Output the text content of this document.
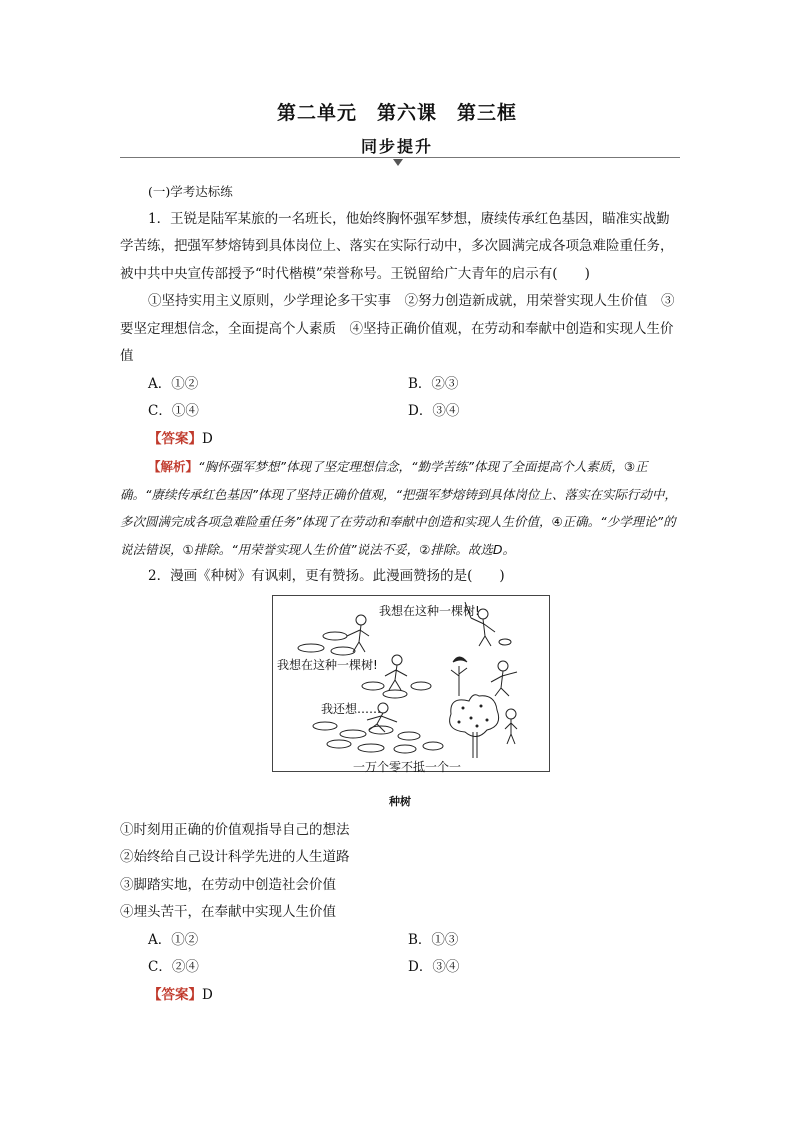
第二单元　第六课　第三框
同步提升

(一)学考达标练

1．王锐是陆军某旅的一名班长，他始终胸怀强军梦想，赓续传承红色基因，瞄准实战勤学苦练，把强军梦熔铸到具体岗位上、落实在实际行动中，多次圆满完成各项急难险重任务，被中共中央宣传部授予“时代楷模”荣誉称号。王锐留给广大青年的启示有(　　)

①坚持实用主义原则，少学理论多干实事　②努力创造新成就，用荣誉实现人生价值　③要坚定理想信念，全面提高个人素质　④坚持正确价值观，在劳动和奉献中创造和实现人生价值

A．①②	B．②③
C．①④	D．③④

【答案】D

【解析】“胸怀强军梦想”体现了坚定理想信念，“勤学苦练”体现了全面提高个人素质，③正确。“赓续传承红色基因”体现了坚持正确价值观，“把强军梦熔铸到具体岗位上、落实在实际行动中，多次圆满完成各项急难险重任务”体现了在劳动和奉献中创造和实现人生价值，④正确。“少学理论”的说法错误，①排除。“用荣誉实现人生价值”说法不妥，②排除。故选D。

2．漫画《种树》有讽刺，更有赞扬。此漫画赞扬的是(　　)

我想在这种一棵树!
我想在这种一棵树!
我还想……
一万个零不抵一个一

种树

①时刻用正确的价值观指导自己的想法

②始终给自己设计科学先进的人生道路

③脚踏实地，在劳动中创造社会价值

④埋头苦干，在奉献中实现人生价值

A．①②	B．①③
C．②④	D．③④

【答案】D
